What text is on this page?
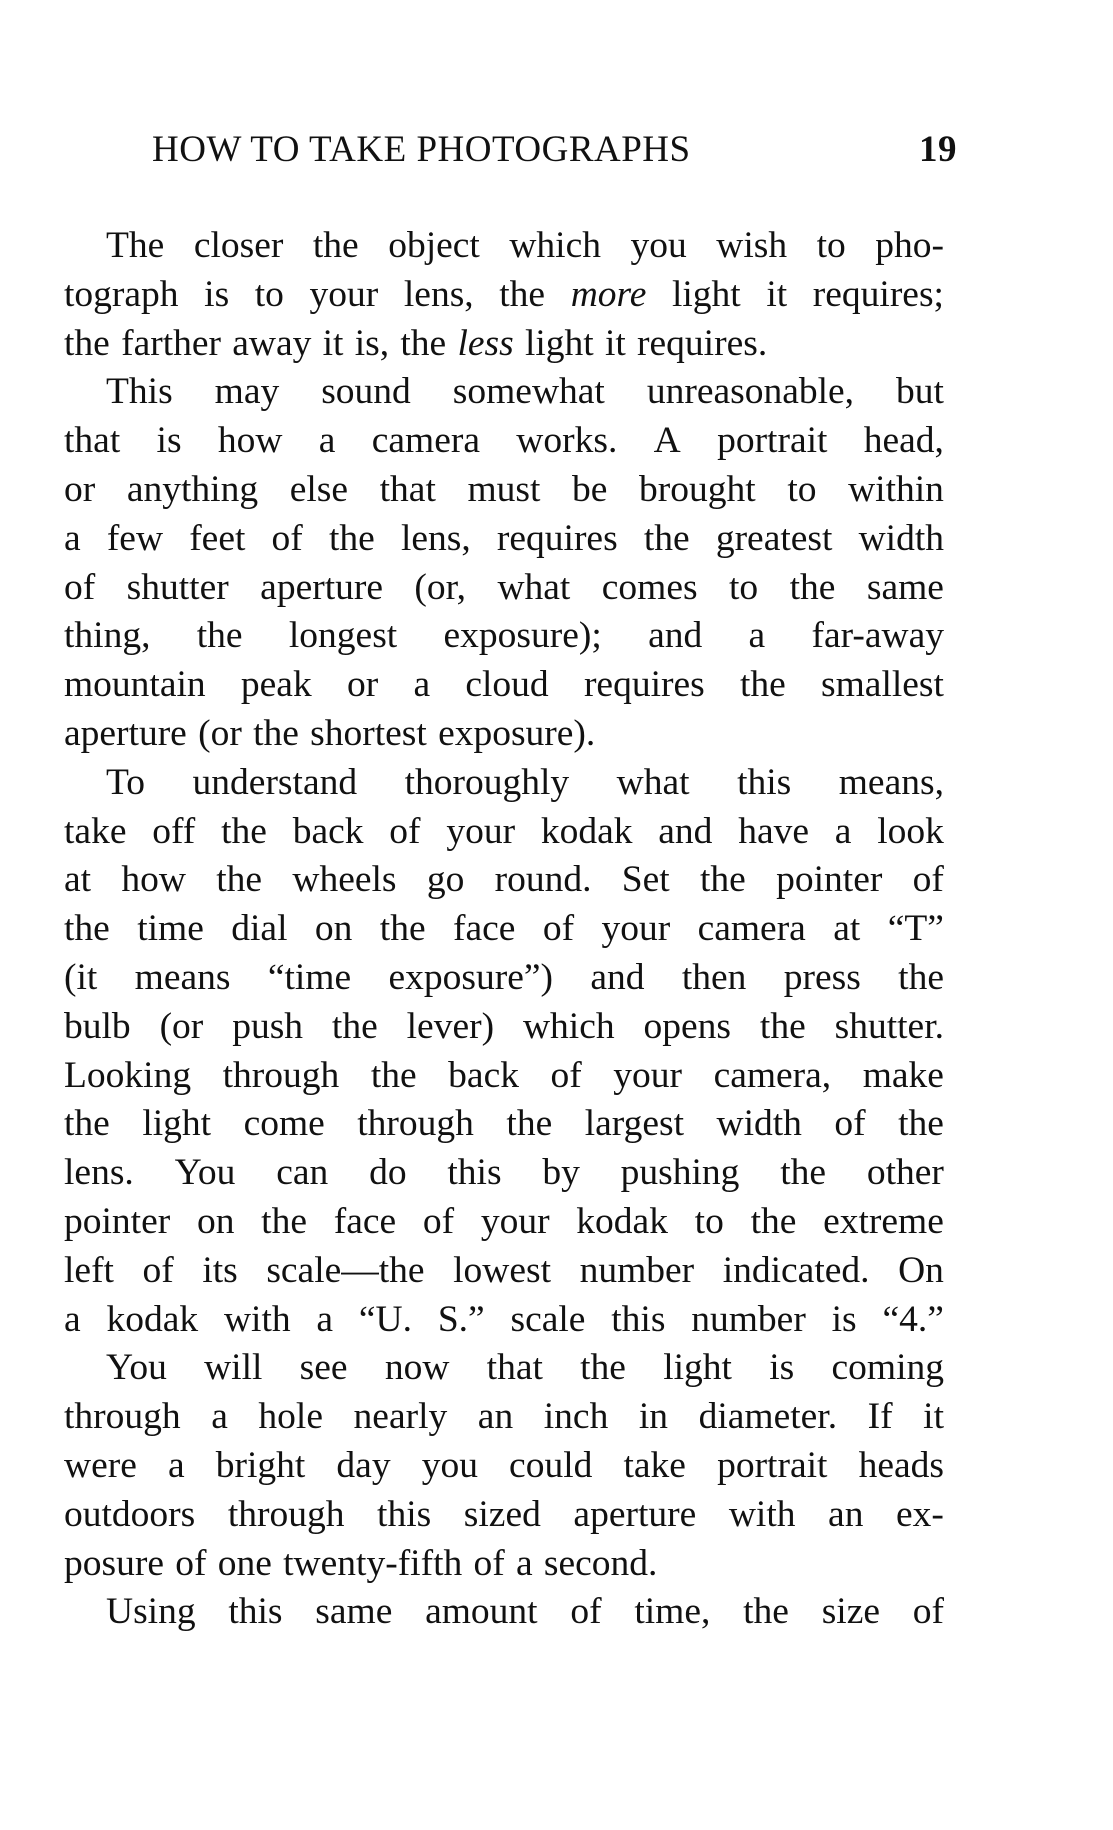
HOW TO TAKE PHOTOGRAPHS	19
The closer the object which you wish to pho-
tograph is to your lens, the more light it requires;
the farther away it is, the less light it requires.
This may sound somewhat unreasonable, but
that is how a camera works. A portrait head,
or anything else that must be brought to within
a few feet of the lens, requires the greatest width
of shutter aperture (or, what comes to the same
thing, the longest exposure); and a far-away
mountain peak or a cloud requires the smallest
aperture (or the shortest exposure).
To understand thoroughly what this means,
take off the back of your kodak and have a look
at how the wheels go round. Set the pointer of
the time dial on the face of your camera at “T”
(it means “time exposure”) and then press the
bulb (or push the lever) which opens the shutter.
Looking through the back of your camera, make
the light come through the largest width of the
lens. You can do this by pushing the other
pointer on the face of your kodak to the extreme
left of its scale—the lowest number indicated. On
a kodak with a “U. S.” scale this number is “4.”
You will see now that the light is coming
through a hole nearly an inch in diameter. If it
were a bright day you could take portrait heads
outdoors through this sized aperture with an ex-
posure of one twenty-fifth of a second.
Using this same amount of time, the size of
